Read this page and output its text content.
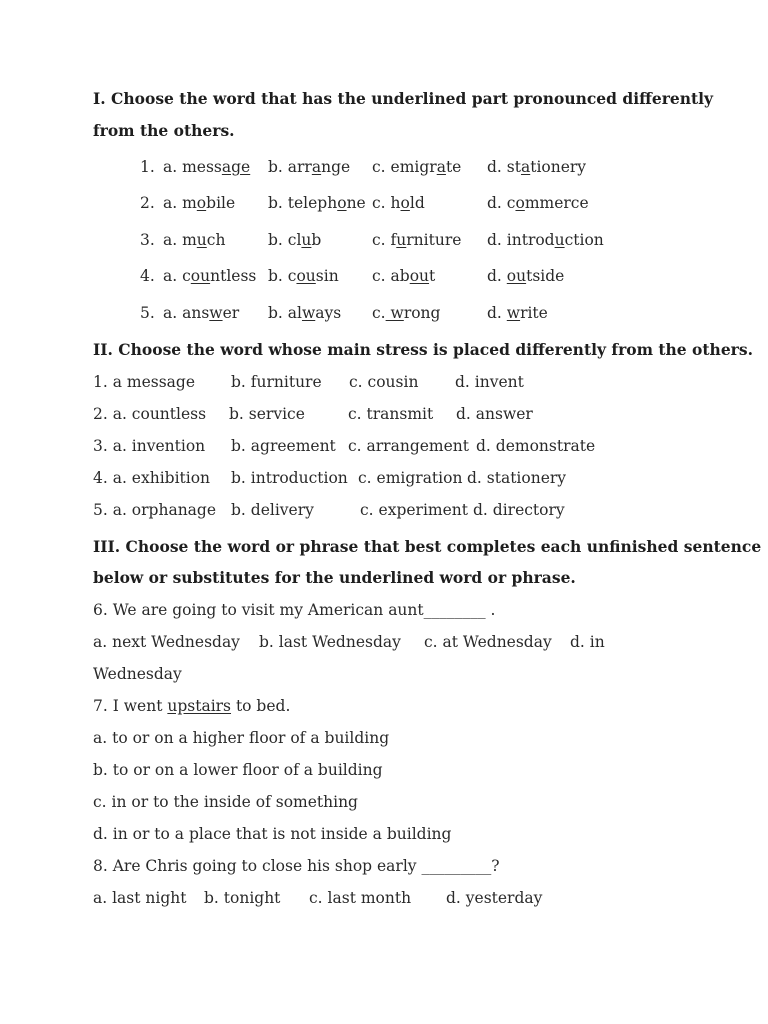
I. Choose the word that has the underlined part pronounced differently
from the others.
1. a. message b. arrange c. emigrate d. stationery
2. a. mobile b. telephone c. hold	d. commerce
3. a. much	b. club	c. furniture d. introduction
4. a. countless b. cousin c. about	d. outside
5. a. answer b. always c. wrong	d. write
II. Choose the word whose main stress is placed differently from the others.
1. a message b. furniture c. cousin d. invent
2. a. countless b. service	c. transmit d. answer
3. a. invention b. agreement c. arrangement d. demonstrate
4. a. exhibition b. introduction c. emigration d. stationery
5. a. orphanage b. delivery	c. experiment d. directory
III. Choose the word or phrase that best completes each unfinished sentence
below or substitutes for the underlined word or phrase.
6. We are going to visit my American aunt________ .
a. next Wednesday b. last Wednesday c. at Wednesday d. in
Wednesday
7. I went upstairs to bed.
a. to or on a higher floor of a building
b. to or on a lower floor of a building
c. in or to the inside of something
d. in or to a place that is not inside a building
8. Are Chris going to close his shop early _________?
a. last night b. tonight c. last month d. yesterday
